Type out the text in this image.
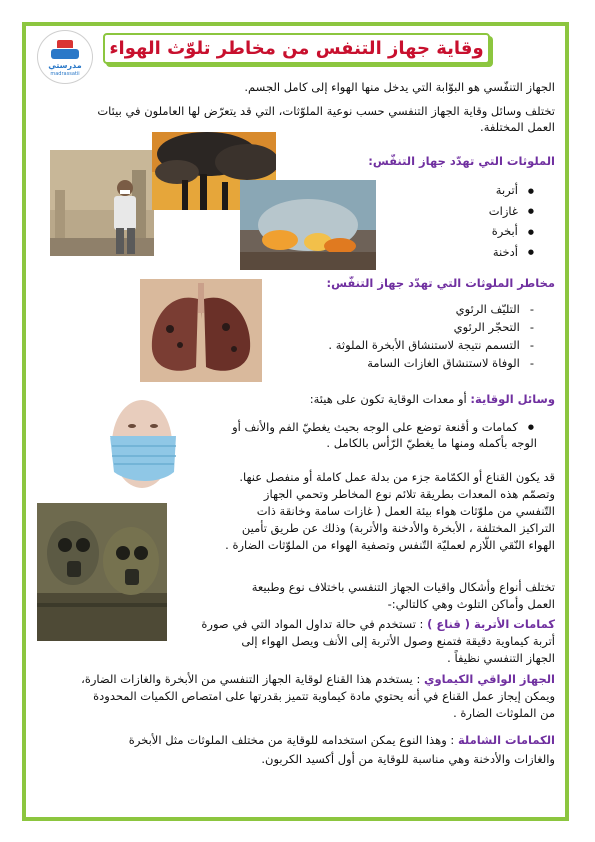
مدرستي
madrassatii
وقاية جهاز التنفس من مخاطر تلوّث الهواء
الجهاز التنفّسي هو البوّابة التي يدخل منها الهواء إلى كامل الجسم.
تختلف وسائل وقاية الجهاز التنفسي حسب نوعية الملوّثات، التي قد يتعرّض لها العاملون في بيئات
العمل المختلفة.
الملوثات التي تهدّد جهاز التنفّس:
● أتربة
● غازات
● أبخرة
● أدخنة
مخاطر الملوثات التي تهدّد جهاز التنفّس:
- التليّف الرئوي
- التحجّر الرئوي
- التسمم نتيجة لاستنشاق الأبخرة الملوثة .
- الوفاة لاستنشاق الغازات السامة
وسائل الوقاية: أو معدات الوقاية تكون على هيئة:
● كمامات و أقنعة توضع على الوجه بحيث يغطيّ الفم والأنف أو
الوجه بأكمله ومنها ما يغطيّ الرّأس بالكامل .
قد يكون القناع أو الكمّامة جزء من بدلة عمل كاملة أو منفصل عنها.
وتصمّم هذه المعدات بطريقة تلائم نوع المخاطر وتحمي الجهاز
التّنفسي من ملوّثات هواء بيئة العمل ( غازات سامة وخانقة ذات
التراكيز المختلفة ، الأبخرة والأدخنة والأتربة) وذلك عن طريق تأمين
الهواء النّقي اللّازم لعمليّة التّنفس وتصفية الهواء من الملوّثات الضارة .
تختلف أنواع وأشكال واقيات الجهاز التنفسي باختلاف نوع وطبيعة
العمل وأماكن التلوث وهي كالتالي:-
كمامات الأتربة ( قناع ) : تستخدم في حالة تداول المواد التي في صورة
أتربة كيماوية دقيقة فتمنع وصول الأتربة إلى الأنف ويصل الهواء إلى
الجهاز التنفسي نظيفاً .
الجهاز الواقي الكيماوي : يستخدم هذا القناع لوقاية الجهاز التنفسي من الأبخرة والغازات الضارة،
ويمكن إيجاز عمل القناع في أنه يحتوي مادة كيماوية تتميز بقدرتها على امتصاص الكميات المحدودة
من الملوثات الضارة .
الكمامات الشاملة : وهذا النوع يمكن استخدامه للوقاية من مختلف الملوثات مثل الأبخرة
والغازات والأدخنة وهي مناسبة للوقاية من أول أكسيد الكربون.
